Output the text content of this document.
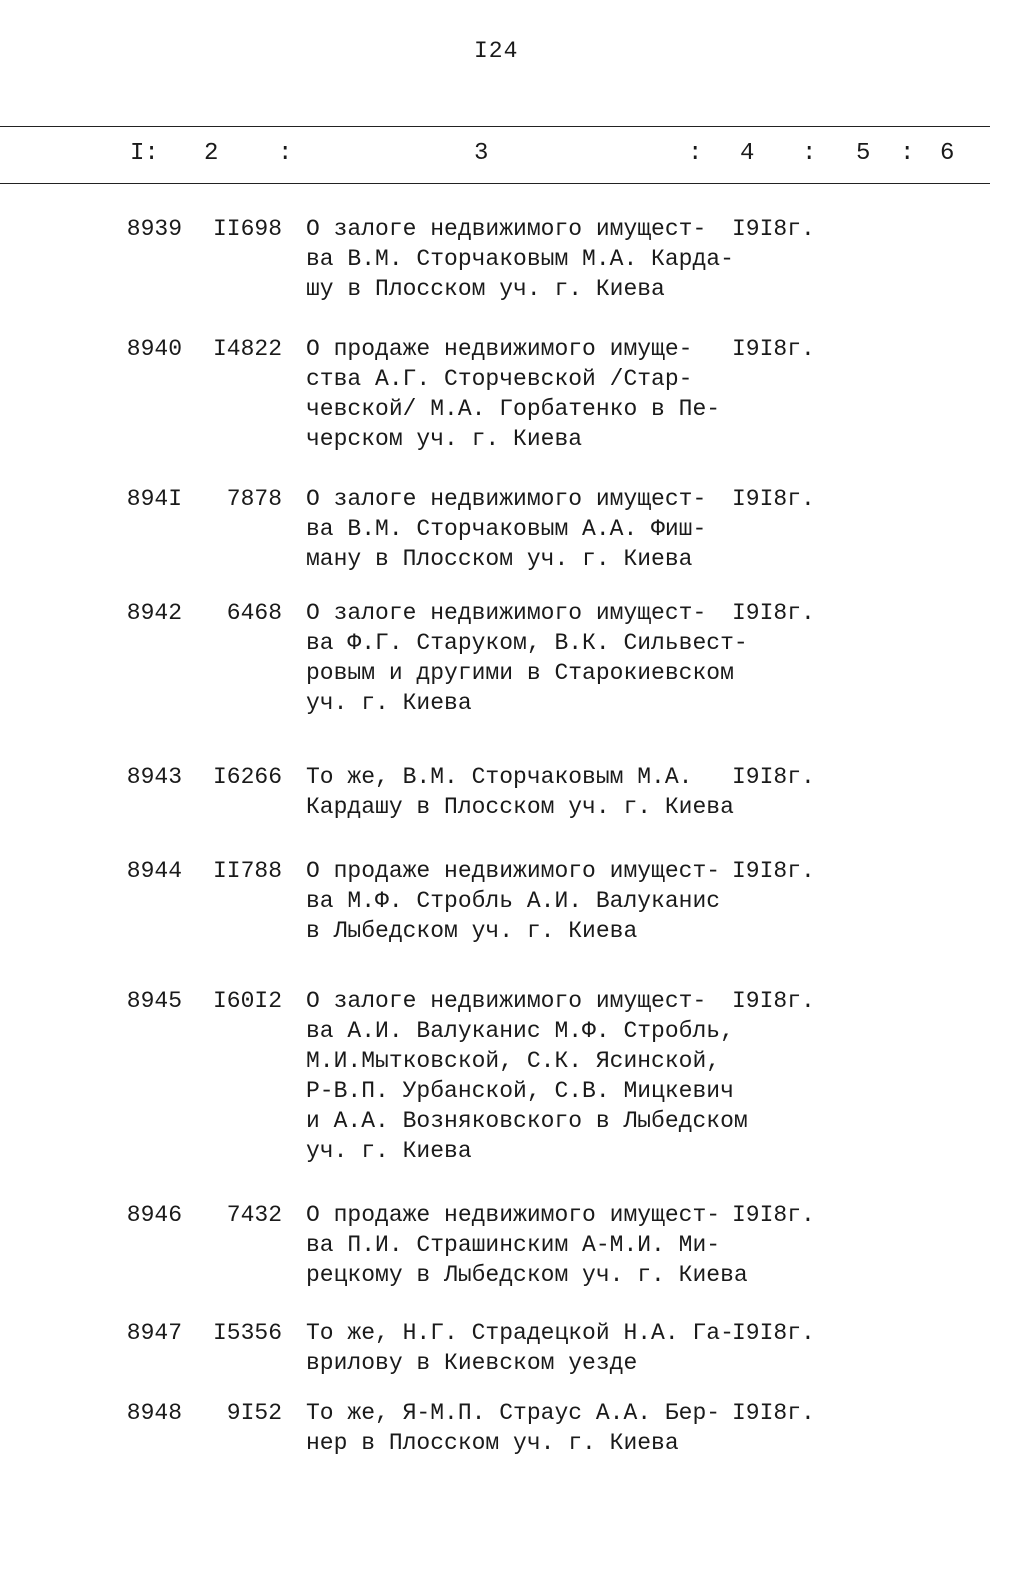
I24
I: 2 :	3	: 4 : 5 : 6
8939	II698 О залоге недвижимого имущест-
ва В.М. Сторчаковым М.А. Карда-
шу в Плосском уч. г. Киева
I9I8г.
8940	I4822 О продаже недвижимого имуще-
ства А.Г. Сторчевской /Стар-
чевской/ М.А. Горбатенко в Пе-
черском уч. г. Киева
I9I8г.
894I	7878 О залоге недвижимого имущест-
ва В.М. Сторчаковым А.А. Фиш-
ману в Плосском уч. г. Киева
I9I8г.
8942	6468 О залоге недвижимого имущест-
ва Ф.Г. Старуком, В.К. Сильвест-
ровым и другими в Старокиевском
уч. г. Киева
I9I8г.
8943	I6266 То же, В.М. Сторчаковым М.А.
Кардашу в Плосском уч. г. Киева
I9I8г.
8944	II788 О продаже недвижимого имущест-
ва М.Ф. Стробль А.И. Валуканис
в Лыбедском уч. г. Киева
I9I8г.
8945	I60I2 О залоге недвижимого имущест-
ва А.И. Валуканис М.Ф. Стробль,
М.И.Мытковской, С.К. Ясинской,
Р-В.П. Урбанской, С.В. Мицкевич
и А.А. Возняковского в Лыбедском
уч. г. Киева
I9I8г.
8946	7432 О продаже недвижимого имущест-
ва П.И. Страшинским А-М.И. Ми-
рецкому в Лыбедском уч. г. Киева
I9I8г.
8947	I5356 То же, Н.Г. Страдецкой Н.А. Га-
врилову в Киевском уезде
I9I8г.
8948	9I52 То же, Я-М.П. Страус А.А. Бер-
нер в Плосском уч. г. Киева
I9I8г.
